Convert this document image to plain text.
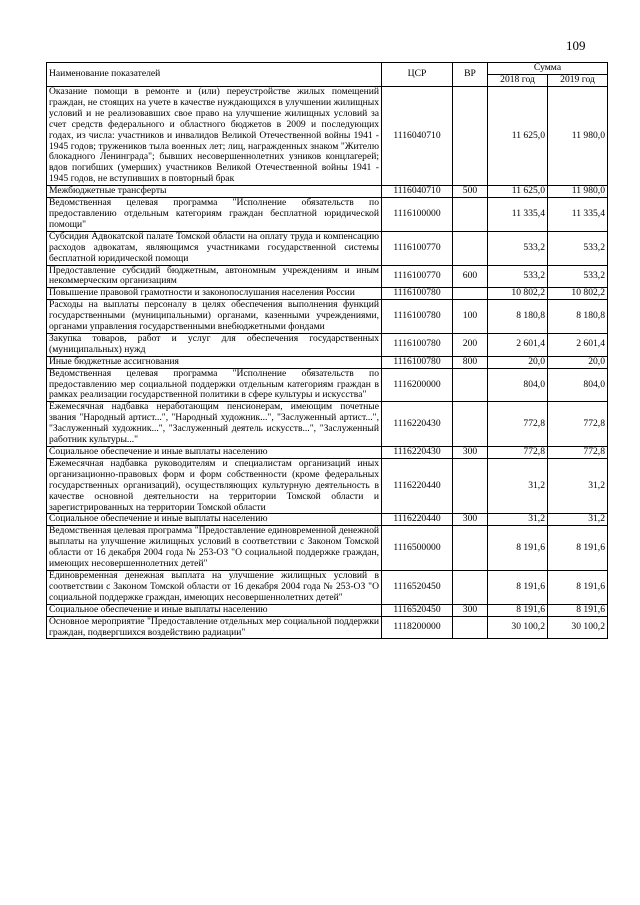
109
Наименование показателей	ЦСР	ВР	Сумма	
			2018 год	2019 год
Оказание помощи в ремонте и (или) переустройстве жилых помещений граждан, не стоящих на учете в качестве нуждающихся в улучшении жилищных условий и не реализовавших свое право на улучшение жилищных условий за счет средств федерального и областного бюджетов в 2009 и последующих годах, из числа: участников и инвалидов Великой Отечественной войны 1941 - 1945 годов; тружеников тыла военных лет; лиц, награжденных знаком "Жителю блокадного Ленинграда"; бывших несовершеннолетних узников концлагерей; вдов погибших (умерших) участников Великой Отечественной войны 1941 - 1945 годов, не вступивших в повторный брак	1116040710		11 625,0	11 980,0
Межбюджетные трансферты	1116040710	500	11 625,0	11 980,0
Ведомственная целевая программа "Исполнение обязательств по предоставлению отдельным категориям граждан бесплатной юридической помощи"	1116100000		11 335,4	11 335,4
Субсидия Адвокатской палате Томской области на оплату труда и компенсацию расходов адвокатам, являющимся участниками государственной системы бесплатной юридической помощи	1116100770		533,2	533,2
Предоставление субсидий бюджетным, автономным учреждениям и иным некоммерческим организациям	1116100770	600	533,2	533,2
Повышение правовой грамотности и законопослушания населения России	1116100780		10 802,2	10 802,2
Расходы на выплаты персоналу в целях обеспечения выполнения функций государственными (муниципальными) органами, казенными учреждениями, органами управления государственными внебюджетными фондами	1116100780	100	8 180,8	8 180,8
Закупка товаров, работ и услуг для обеспечения государственных (муниципальных) нужд	1116100780	200	2 601,4	2 601,4
Иные бюджетные ассигнования	1116100780	800	20,0	20,0
Ведомственная целевая программа "Исполнение обязательств по предоставлению мер социальной поддержки отдельным категориям граждан в рамках реализации государственной политики в сфере культуры и искусства"	1116200000		804,0	804,0
Ежемесячная надбавка неработающим пенсионерам, имеющим почетные звания "Народный артист...", "Народный художник...", "Заслуженный артист...", "Заслуженный художник...", "Заслуженный деятель искусств...", "Заслуженный работник культуры..."	1116220430		772,8	772,8
Социальное обеспечение и иные выплаты населению	1116220430	300	772,8	772,8
Ежемесячная надбавка руководителям и специалистам организаций иных организационно-правовых форм и форм собственности (кроме федеральных государственных организаций), осуществляющих культурную деятельность в качестве основной деятельности на территории Томской области и зарегистрированных на территории Томской области	1116220440		31,2	31,2
Социальное обеспечение и иные выплаты населению	1116220440	300	31,2	31,2
Ведомственная целевая программа "Предоставление единовременной денежной выплаты на улучшение жилищных условий в соответствии с Законом Томской области от 16 декабря 2004 года № 253-ОЗ "О социальной поддержке граждан, имеющих несовершеннолетних детей"	1116500000		8 191,6	8 191,6
Единовременная денежная выплата на улучшение жилищных условий в соответствии с Законом Томской области от 16 декабря 2004 года № 253-ОЗ "О социальной поддержке граждан, имеющих несовершеннолетних детей"	1116520450		8 191,6	8 191,6
Социальное обеспечение и иные выплаты населению	1116520450	300	8 191,6	8 191,6
Основное мероприятие "Предоставление отдельных мер социальной поддержки граждан, подвергшихся воздействию радиации"	1118200000		30 100,2	30 100,2
